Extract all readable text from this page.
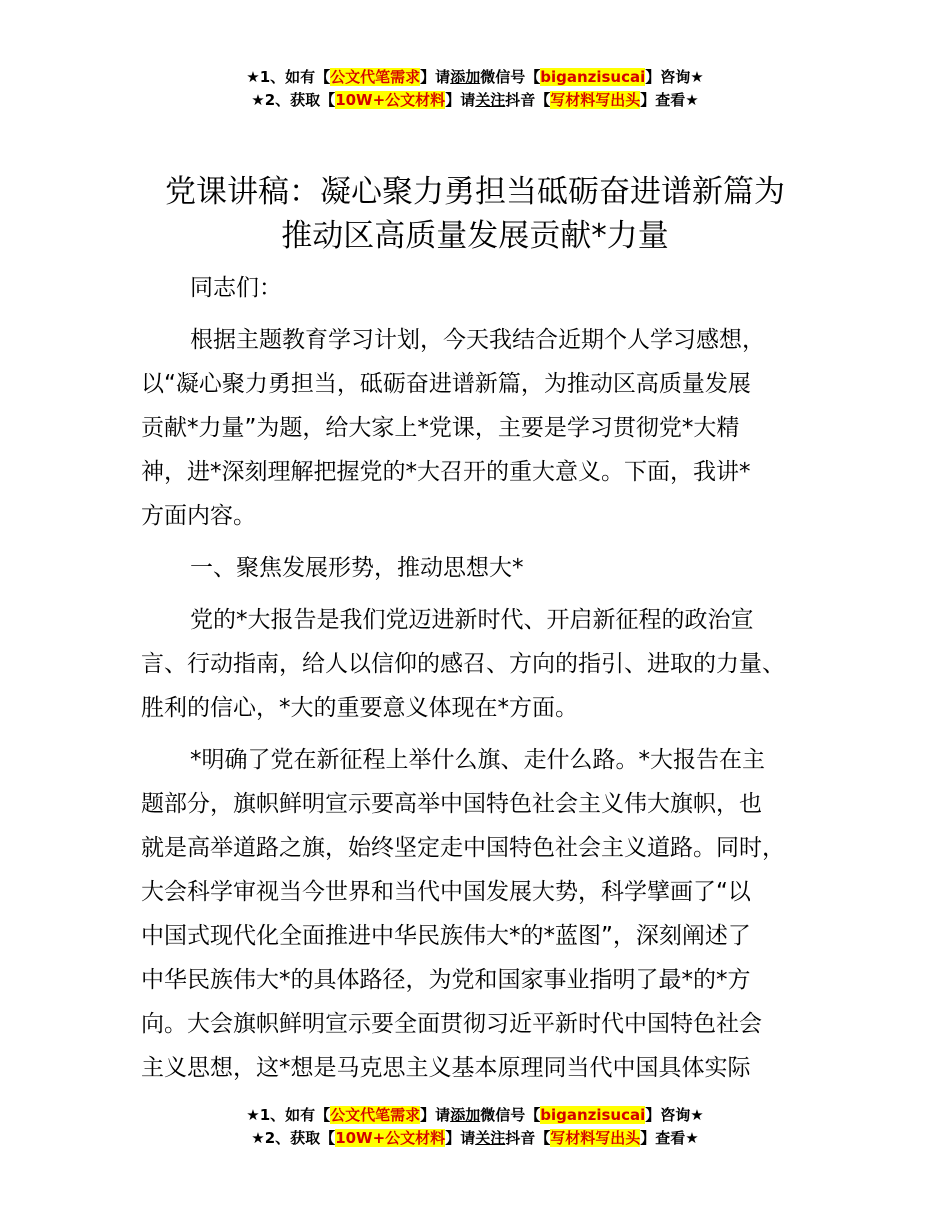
★1、如有【公文代笔需求】请添加微信号【biganzisucai】咨询★
★2、获取【10W+公文材料】请关注抖音【写材料写出头】查看★
党课讲稿：凝心聚力勇担当砥砺奋进谱新篇为
推动区高质量发展贡献*力量

同志们：

根据主题教育学习计划，今天我结合近期个人学习感想，
以“凝心聚力勇担当，砥砺奋进谱新篇，为推动区高质量发展
贡献*力量”为题，给大家上*党课，主要是学习贯彻党*大精
神，进*深刻理解把握党的*大召开的重大意义。下面，我讲*
方面内容。

一、聚焦发展形势，推动思想大*

党的*大报告是我们党迈进新时代、开启新征程的政治宣
言、行动指南，给人以信仰的感召、方向的指引、进取的力量、
胜利的信心，*大的重要意义体现在*方面。
*明确了党在新征程上举什么旗、走什么路。*大报告在主
题部分，旗帜鲜明宣示要高举中国特色社会主义伟大旗帜，也
就是高举道路之旗，始终坚定走中国特色社会主义道路。同时，
大会科学审视当今世界和当代中国发展大势，科学擘画了“以
中国式现代化全面推进中华民族伟大*的*蓝图”，深刻阐述了
中华民族伟大*的具体路径，为党和国家事业指明了最*的*方
向。大会旗帜鲜明宣示要全面贯彻习近平新时代中国特色社会
主义思想，这*想是马克思主义基本原理同当代中国具体实际
★1、如有【公文代笔需求】请添加微信号【biganzisucai】咨询★
★2、获取【10W+公文材料】请关注抖音【写材料写出头】查看★
